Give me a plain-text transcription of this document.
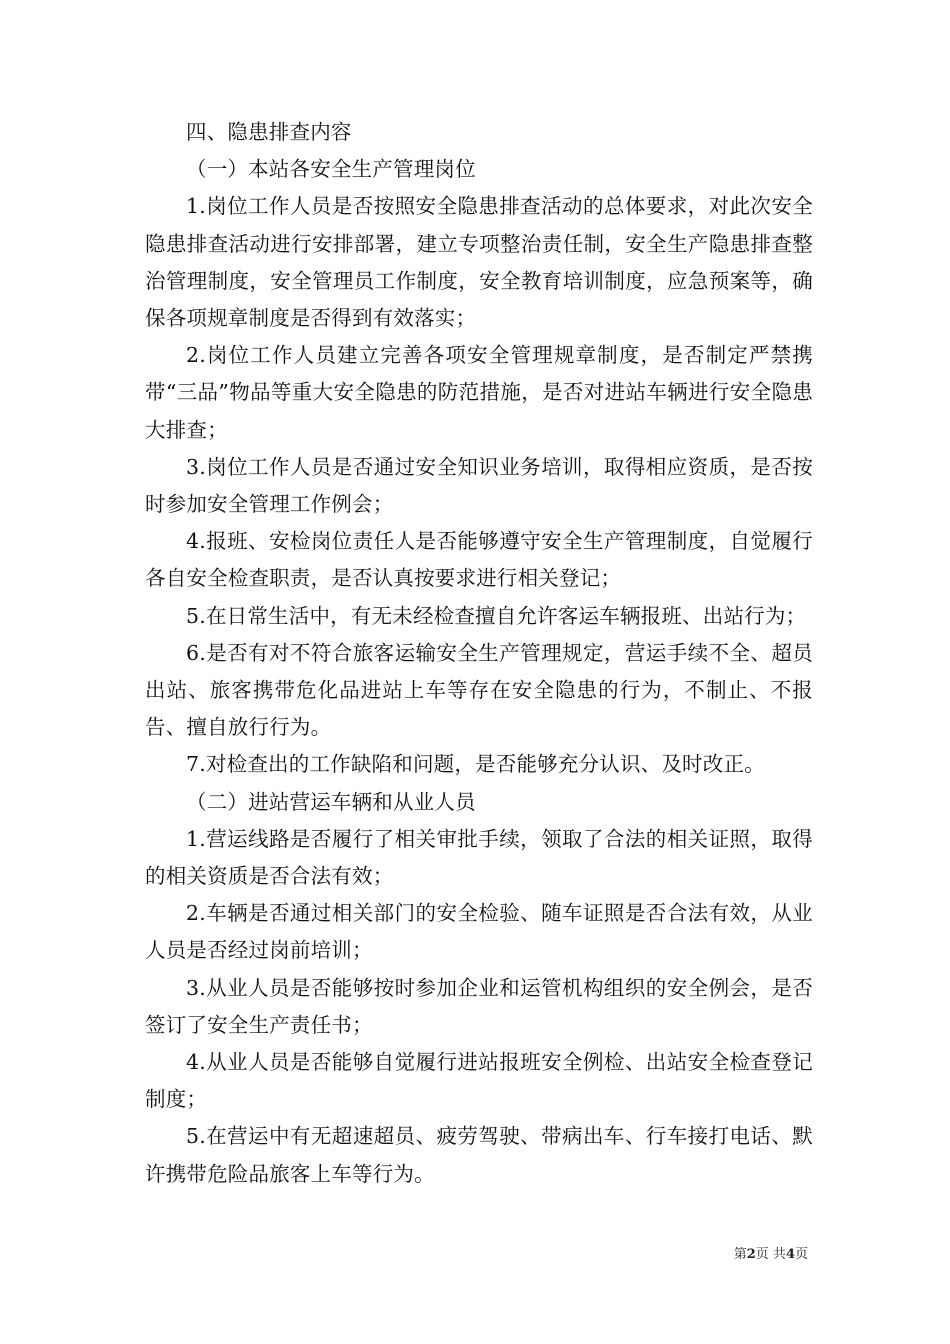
四、隐患排查内容

（一）本站各安全生产管理岗位

1.岗位工作人员是否按照安全隐患排查活动的总体要求，对此次安全隐患排查活动进行安排部署，建立专项整治责任制，安全生产隐患排查整治管理制度，安全管理员工作制度，安全教育培训制度，应急预案等，确保各项规章制度是否得到有效落实；

2.岗位工作人员建立完善各项安全管理规章制度，是否制定严禁携带“三品”物品等重大安全隐患的防范措施，是否对进站车辆进行安全隐患大排查；

3.岗位工作人员是否通过安全知识业务培训，取得相应资质，是否按时参加安全管理工作例会；

4.报班、安检岗位责任人是否能够遵守安全生产管理制度，自觉履行各自安全检查职责，是否认真按要求进行相关登记；

5.在日常生活中，有无未经检查擅自允许客运车辆报班、出站行为；

6.是否有对不符合旅客运输安全生产管理规定，营运手续不全、超员出站、旅客携带危化品进站上车等存在安全隐患的行为，不制止、不报告、擅自放行行为。

7.对检查出的工作缺陷和问题，是否能够充分认识、及时改正。

（二）进站营运车辆和从业人员

1.营运线路是否履行了相关审批手续，领取了合法的相关证照，取得的相关资质是否合法有效；

2.车辆是否通过相关部门的安全检验、随车证照是否合法有效，从业人员是否经过岗前培训；

3.从业人员是否能够按时参加企业和运管机构组织的安全例会，是否签订了安全生产责任书；

4.从业人员是否能够自觉履行进站报班安全例检、出站安全检查登记制度；

5.在营运中有无超速超员、疲劳驾驶、带病出车、行车接打电话、默许携带危险品旅客上车等行为。

第2页 共4页
